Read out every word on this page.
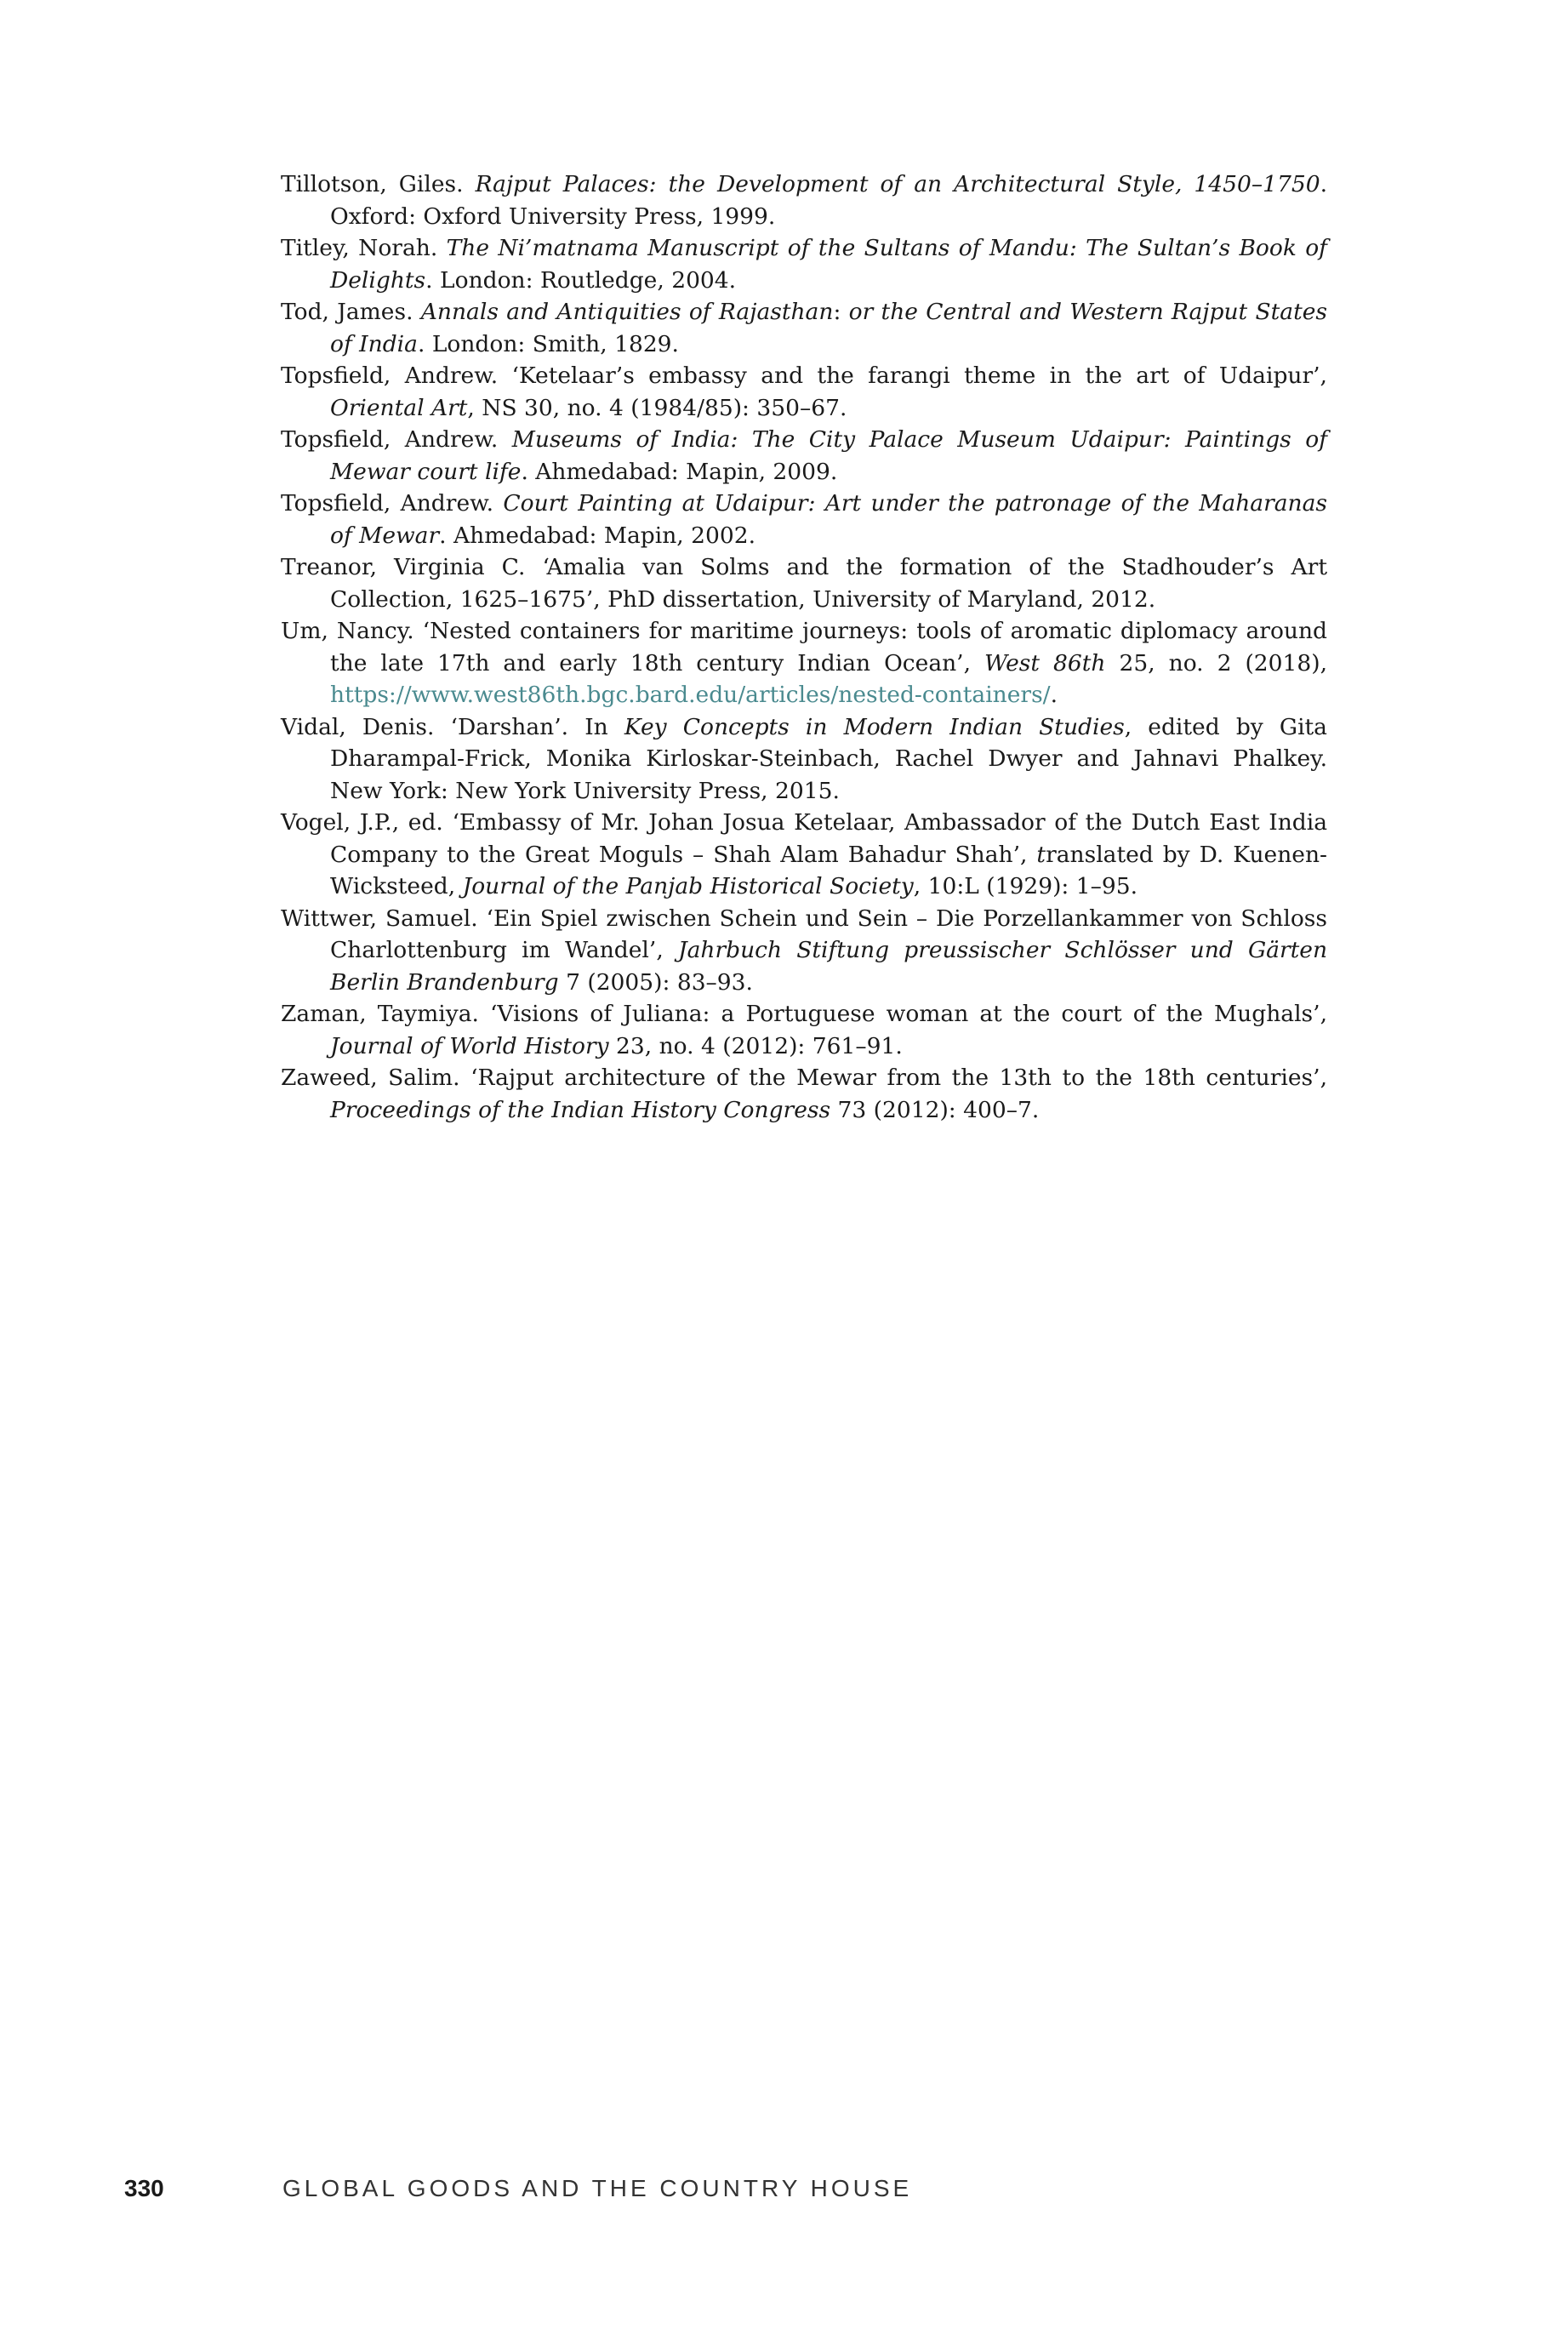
Tillotson, Giles. Rajput Palaces: the Development of an Architectural Style, 1450–1750. Oxford: Oxford University Press, 1999.
Titley, Norah. The Ni’matnama Manuscript of the Sultans of Mandu: The Sultan’s Book of Delights. London: Routledge, 2004.
Tod, James. Annals and Antiquities of Rajasthan: or the Central and Western Rajput States of India. London: Smith, 1829.
Topsfield, Andrew. ‘Ketelaar’s embassy and the farangi theme in the art of Udaipur’, Oriental Art, NS 30, no. 4 (1984/85): 350–67.
Topsfield, Andrew. Museums of India: The City Palace Museum Udaipur: Paintings of Mewar court life. Ahmedabad: Mapin, 2009.
Topsfield, Andrew. Court Painting at Udaipur: Art under the patronage of the Maharanas of Mewar. Ahmedabad: Mapin, 2002.
Treanor, Virginia C. ‘Amalia van Solms and the formation of the Stadhouder’s Art Collection, 1625–1675’, PhD dissertation, University of Maryland, 2012.
Um, Nancy. ‘Nested containers for maritime journeys: tools of aromatic diplomacy around the late 17th and early 18th century Indian Ocean’, West 86th 25, no. 2 (2018), https://www.west86th.bgc.bard.edu/articles/nested-containers/.
Vidal, Denis. ‘Darshan’. In Key Concepts in Modern Indian Studies, edited by Gita Dharampal-Frick, Monika Kirloskar-Steinbach, Rachel Dwyer and Jahnavi Phalkey. New York: New York University Press, 2015.
Vogel, J.P., ed. ‘Embassy of Mr. Johan Josua Ketelaar, Ambassador of the Dutch East India Company to the Great Moguls – Shah Alam Bahadur Shah’, translated by D. Kuenen-Wicksteed, Journal of the Panjab Historical Society, 10:L (1929): 1–95.
Wittwer, Samuel. ‘Ein Spiel zwischen Schein und Sein – Die Porzellankammer von Schloss Charlottenburg im Wandel’, Jahrbuch Stiftung preussischer Schlösser und Gärten Berlin Brandenburg 7 (2005): 83–93.
Zaman, Taymiya. ‘Visions of Juliana: a Portuguese woman at the court of the Mughals’, Journal of World History 23, no. 4 (2012): 761–91.
Zaweed, Salim. ‘Rajput architecture of the Mewar from the 13th to the 18th centuries’, Proceedings of the Indian History Congress 73 (2012): 400–7.
330	GLOBAL GOODS AND THE COUNTRY HOUSE
